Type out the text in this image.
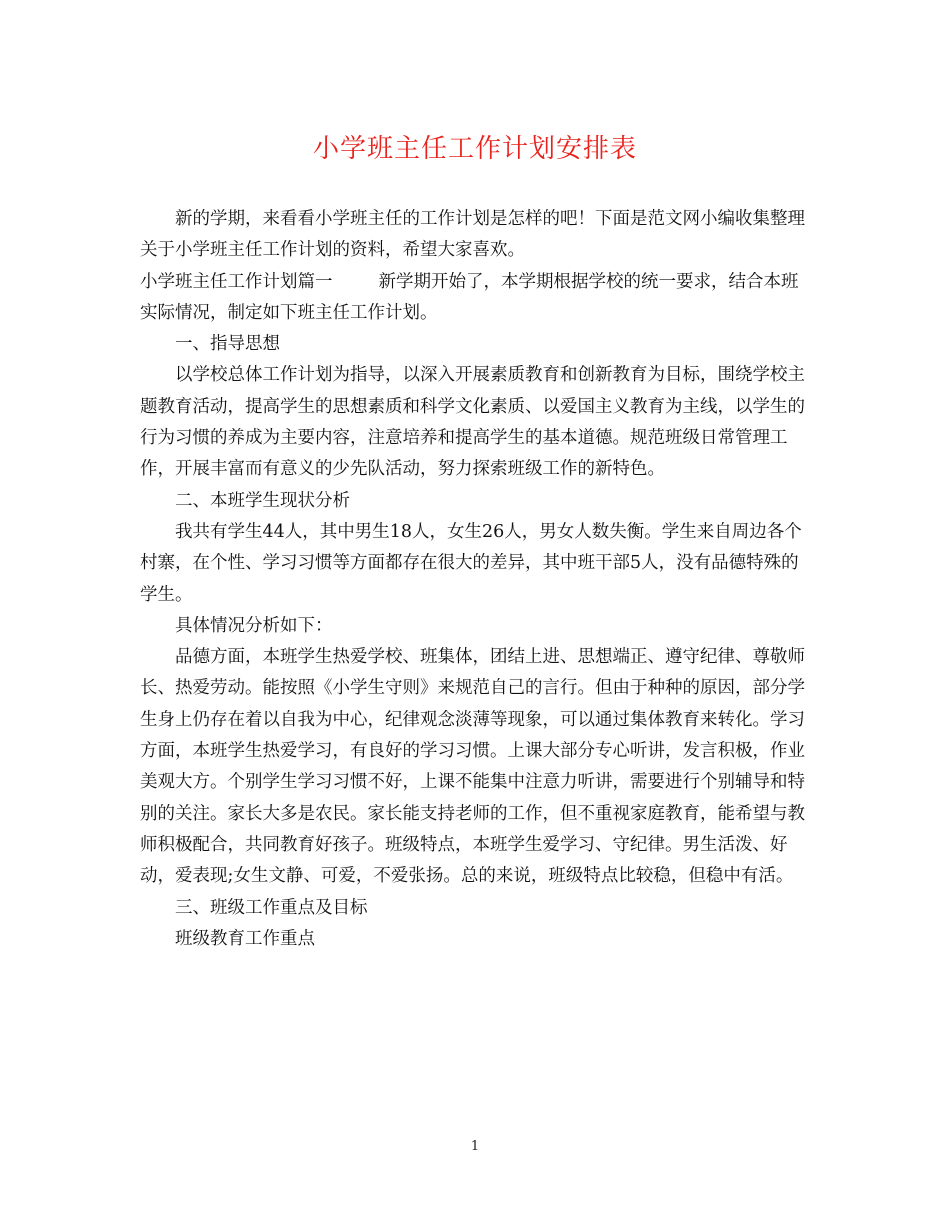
小学班主任工作计划安排表

新的学期，来看看小学班主任的工作计划是怎样的吧！下面是范文网小编收集整理关于小学班主任工作计划的资料，希望大家喜欢。

小学班主任工作计划篇一	新学期开始了，本学期根据学校的统一要求，结合本班实际情况，制定如下班主任工作计划。

一、指导思想

以学校总体工作计划为指导，以深入开展素质教育和创新教育为目标，围绕学校主题教育活动，提高学生的思想素质和科学文化素质、以爱国主义教育为主线，以学生的行为习惯的养成为主要内容，注意培养和提高学生的基本道德。规范班级日常管理工作，开展丰富而有意义的少先队活动，努力探索班级工作的新特色。

二、本班学生现状分析

我共有学生44人，其中男生18人，女生26人，男女人数失衡。学生来自周边各个村寨，在个性、学习习惯等方面都存在很大的差异，其中班干部5人，没有品德特殊的学生。

具体情况分析如下：

品德方面，本班学生热爱学校、班集体，团结上进、思想端正、遵守纪律、尊敬师长、热爱劳动。能按照《小学生守则》来规范自己的言行。但由于种种的原因，部分学生身上仍存在着以自我为中心，纪律观念淡薄等现象，可以通过集体教育来转化。学习方面，本班学生热爱学习，有良好的学习习惯。上课大部分专心听讲，发言积极，作业美观大方。个别学生学习习惯不好，上课不能集中注意力听讲，需要进行个别辅导和特别的关注。家长大多是农民。家长能支持老师的工作，但不重视家庭教育，能希望与教师积极配合，共同教育好孩子。班级特点，本班学生爱学习、守纪律。男生活泼、好动，爱表现;女生文静、可爱，不爱张扬。总的来说，班级特点比较稳，但稳中有活。

三、班级工作重点及目标

班级教育工作重点

1
